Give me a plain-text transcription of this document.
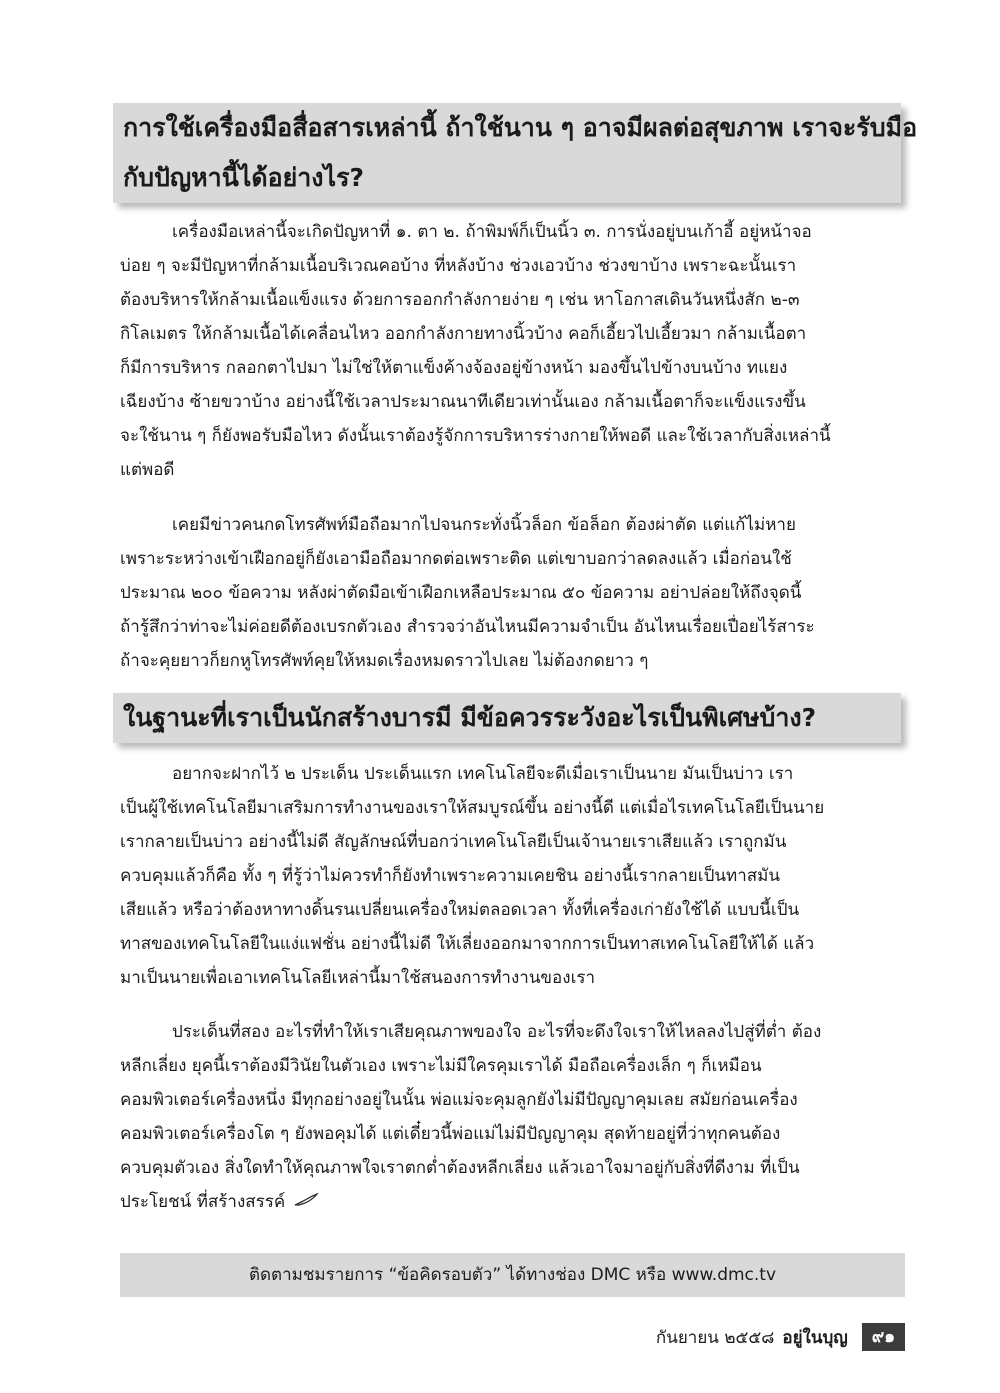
การใช้เครื่องมือสื่อสารเหล่านี้ ถ้าใช้นาน ๆ อาจมีผลต่อสุขภาพ เราจะรับมือ
กับปัญหานี้ได้อย่างไร?
เครื่องมือเหล่านี้จะเกิดปัญหาที่ ๑. ตา ๒. ถ้าพิมพ์ก็เป็นนิ้ว ๓. การนั่งอยู่บนเก้าอี้ อยู่หน้าจอ
บ่อย ๆ จะมีปัญหาที่กล้ามเนื้อบริเวณคอบ้าง ที่หลังบ้าง ช่วงเอวบ้าง ช่วงขาบ้าง เพราะฉะนั้นเรา
ต้องบริหารให้กล้ามเนื้อแข็งแรง ด้วยการออกกำลังกายง่าย ๆ เช่น หาโอกาสเดินวันหนึ่งสัก ๒-๓
กิโลเมตร ให้กล้ามเนื้อได้เคลื่อนไหว ออกกำลังกายทางนิ้วบ้าง คอก็เอี้ยวไปเอี้ยวมา กล้ามเนื้อตา
ก็มีการบริหาร กลอกตาไปมา ไม่ใช่ให้ตาแข็งค้างจ้องอยู่ข้างหน้า มองขึ้นไปข้างบนบ้าง ทแยง
เฉียงบ้าง ซ้ายขวาบ้าง อย่างนี้ใช้เวลาประมาณนาทีเดียวเท่านั้นเอง กล้ามเนื้อตาก็จะแข็งแรงขึ้น
จะใช้นาน ๆ ก็ยังพอรับมือไหว ดังนั้นเราต้องรู้จักการบริหารร่างกายให้พอดี และใช้เวลากับสิ่งเหล่านี้
แต่พอดี
เคยมีข่าวคนกดโทรศัพท์มือถือมากไปจนกระทั่งนิ้วล็อก ข้อล็อก ต้องผ่าตัด แต่แก้ไม่หาย
เพราะระหว่างเข้าเฝือกอยู่ก็ยังเอามือถือมากดต่อเพราะติด แต่เขาบอกว่าลดลงแล้ว เมื่อก่อนใช้
ประมาณ ๒๐๐ ข้อความ หลังผ่าตัดมือเข้าเฝือกเหลือประมาณ ๕๐ ข้อความ อย่าปล่อยให้ถึงจุดนี้
ถ้ารู้สึกว่าท่าจะไม่ค่อยดีต้องเบรกตัวเอง สำรวจว่าอันไหนมีความจำเป็น อันไหนเรื่อยเปื่อยไร้สาระ
ถ้าจะคุยยาวก็ยกหูโทรศัพท์คุยให้หมดเรื่องหมดราวไปเลย ไม่ต้องกดยาว ๆ
ในฐานะที่เราเป็นนักสร้างบารมี มีข้อควรระวังอะไรเป็นพิเศษบ้าง?
อยากจะฝากไว้ ๒ ประเด็น ประเด็นแรก เทคโนโลยีจะดีเมื่อเราเป็นนาย มันเป็นบ่าว เรา
เป็นผู้ใช้เทคโนโลยีมาเสริมการทำงานของเราให้สมบูรณ์ขึ้น อย่างนี้ดี แต่เมื่อไรเทคโนโลยีเป็นนาย
เรากลายเป็นบ่าว อย่างนี้ไม่ดี สัญลักษณ์ที่บอกว่าเทคโนโลยีเป็นเจ้านายเราเสียแล้ว เราถูกมัน
ควบคุมแล้วก็คือ ทั้ง ๆ ที่รู้ว่าไม่ควรทำก็ยังทำเพราะความเคยชิน อย่างนี้เรากลายเป็นทาสมัน
เสียแล้ว หรือว่าต้องหาทางดิ้นรนเปลี่ยนเครื่องใหม่ตลอดเวลา ทั้งที่เครื่องเก่ายังใช้ได้ แบบนี้เป็น
ทาสของเทคโนโลยีในแง่แฟชั่น อย่างนี้ไม่ดี ให้เลี่ยงออกมาจากการเป็นทาสเทคโนโลยีให้ได้ แล้ว
มาเป็นนายเพื่อเอาเทคโนโลยีเหล่านี้มาใช้สนองการทำงานของเรา
ประเด็นที่สอง อะไรที่ทำให้เราเสียคุณภาพของใจ อะไรที่จะดึงใจเราให้ไหลลงไปสู่ที่ต่ำ ต้อง
หลีกเลี่ยง ยุคนี้เราต้องมีวินัยในตัวเอง เพราะไม่มีใครคุมเราได้ มือถือเครื่องเล็ก ๆ ก็เหมือน
คอมพิวเตอร์เครื่องหนึ่ง มีทุกอย่างอยู่ในนั้น พ่อแม่จะคุมลูกยังไม่มีปัญญาคุมเลย สมัยก่อนเครื่อง
คอมพิวเตอร์เครื่องโต ๆ ยังพอคุมได้ แต่เดี๋ยวนี้พ่อแม่ไม่มีปัญญาคุม สุดท้ายอยู่ที่ว่าทุกคนต้อง
ควบคุมตัวเอง สิ่งใดทำให้คุณภาพใจเราตกต่ำต้องหลีกเลี่ยง แล้วเอาใจมาอยู่กับสิ่งที่ดีงาม ที่เป็น
ประโยชน์ ที่สร้างสรรค์
ติดตามชมรายการ “ข้อคิดรอบตัว” ได้ทางช่อง DMC หรือ www.dmc.tv
กันยายน ๒๕๕๘ อยู่ในบุญ	๙๑
